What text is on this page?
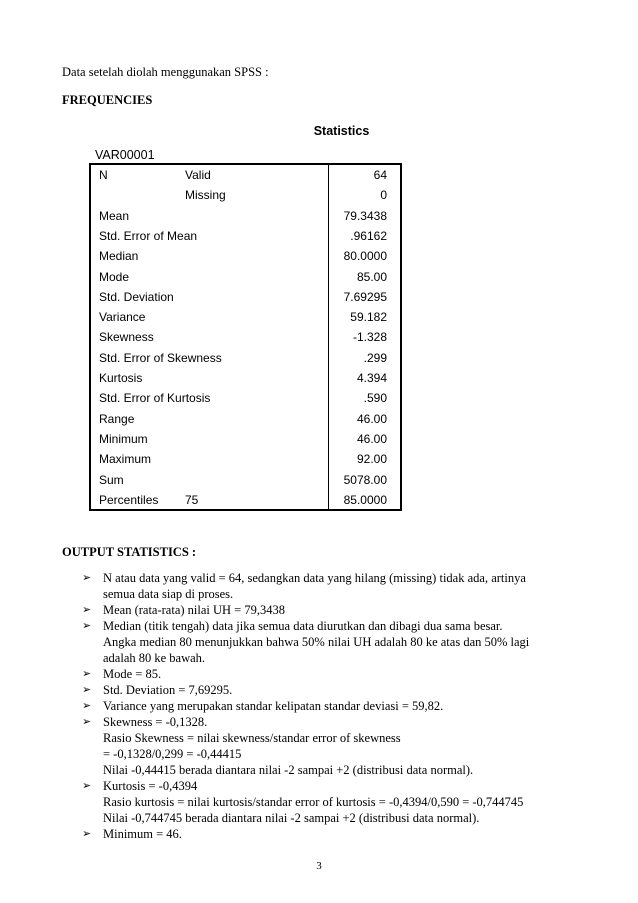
Data setelah diolah menggunakan SPSS :
FREQUENCIES
Statistics
VAR00001
N	Valid	64
Missing	0
Mean	79.3438
Std. Error of Mean	.96162
Median	80.0000
Mode	85.00
Std. Deviation	7.69295
Variance	59.182
Skewness	-1.328
Std. Error of Skewness	.299
Kurtosis	4.394
Std. Error of Kurtosis	.590
Range	46.00
Minimum	46.00
Maximum	92.00
Sum	5078.00
Percentiles 75	85.0000
OUTPUT STATISTICS :
➢ N atau data yang valid = 64, sedangkan data yang hilang (missing) tidak ada, artinya
semua data siap di proses.
➢ Mean (rata-rata) nilai UH = 79,3438
➢ Median (titik tengah) data jika semua data diurutkan dan dibagi dua sama besar.
Angka median 80 menunjukkan bahwa 50% nilai UH adalah 80 ke atas dan 50% lagi
adalah 80 ke bawah.
➢ Mode = 85.
➢ Std. Deviation = 7,69295.
➢ Variance yang merupakan standar kelipatan standar deviasi = 59,82.
➢ Skewness = -0,1328.
Rasio Skewness = nilai skewness/standar error of skewness
= -0,1328/0,299 = -0,44415
Nilai -0,44415 berada diantara nilai -2 sampai +2 (distribusi data normal).
➢ Kurtosis = -0,4394
Rasio kurtosis = nilai kurtosis/standar error of kurtosis = -0,4394/0,590 = -0,744745
Nilai -0,744745 berada diantara nilai -2 sampai +2 (distribusi data normal).
➢ Minimum = 46.
3
